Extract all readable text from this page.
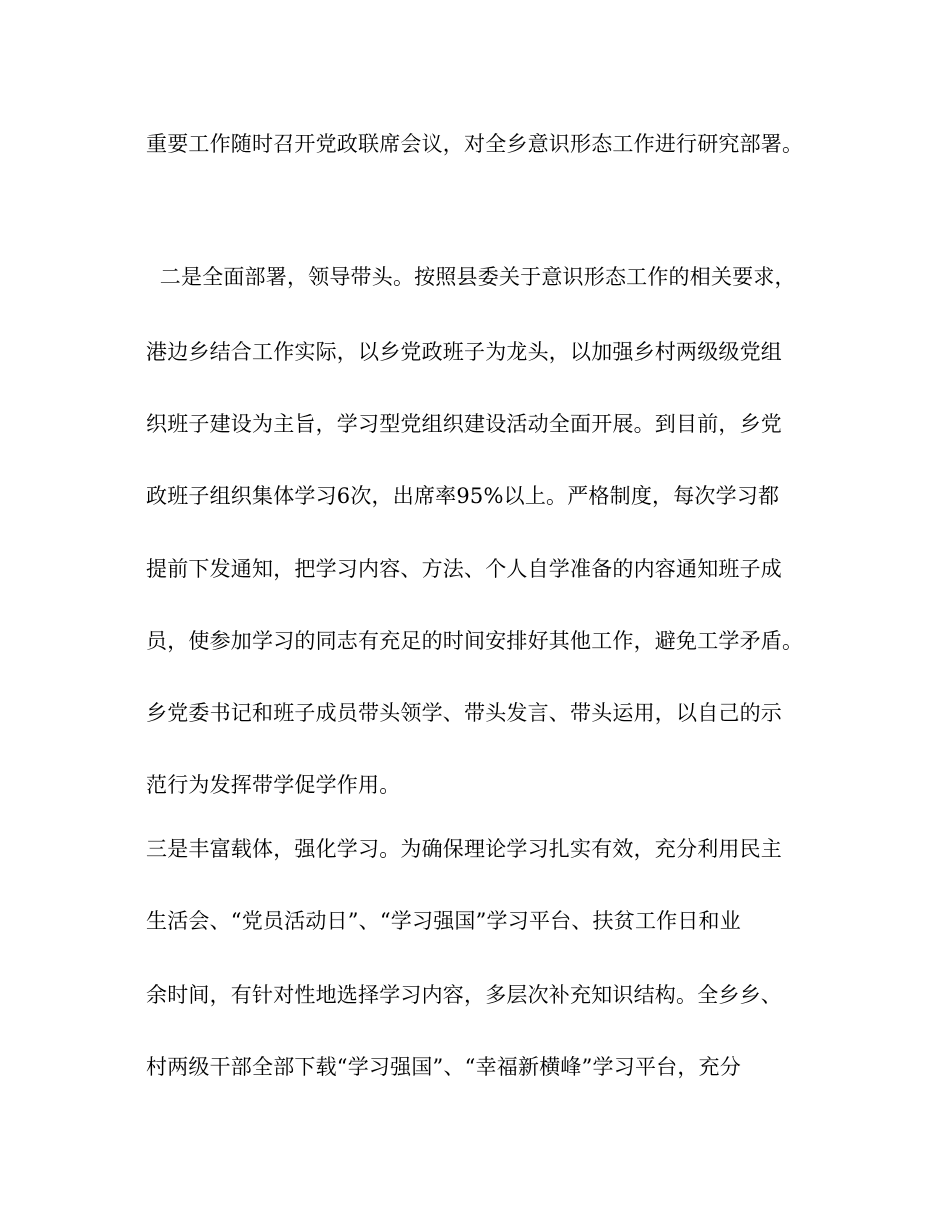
重要工作随时召开党政联席会议，对全乡意识形态工作进行研究部署。
二是全面部署，领导带头。按照县委关于意识形态工作的相关要求，
港边乡结合工作实际，以乡党政班子为龙头，以加强乡村两级级党组
织班子建设为主旨，学习型党组织建设活动全面开展。到目前，乡党
政班子组织集体学习6次，出席率95%以上。严格制度，每次学习都
提前下发通知，把学习内容、方法、个人自学准备的内容通知班子成
员，使参加学习的同志有充足的时间安排好其他工作，避免工学矛盾。
乡党委书记和班子成员带头领学、带头发言、带头运用，以自己的示
范行为发挥带学促学作用。
三是丰富载体，强化学习。为确保理论学习扎实有效，充分利用民主
生活会、“党员活动日”、“学习强国”学习平台、扶贫工作日和业
余时间，有针对性地选择学习内容，多层次补充知识结构。全乡乡、
村两级干部全部下载“学习强国”、“幸福新横峰”学习平台，充分
